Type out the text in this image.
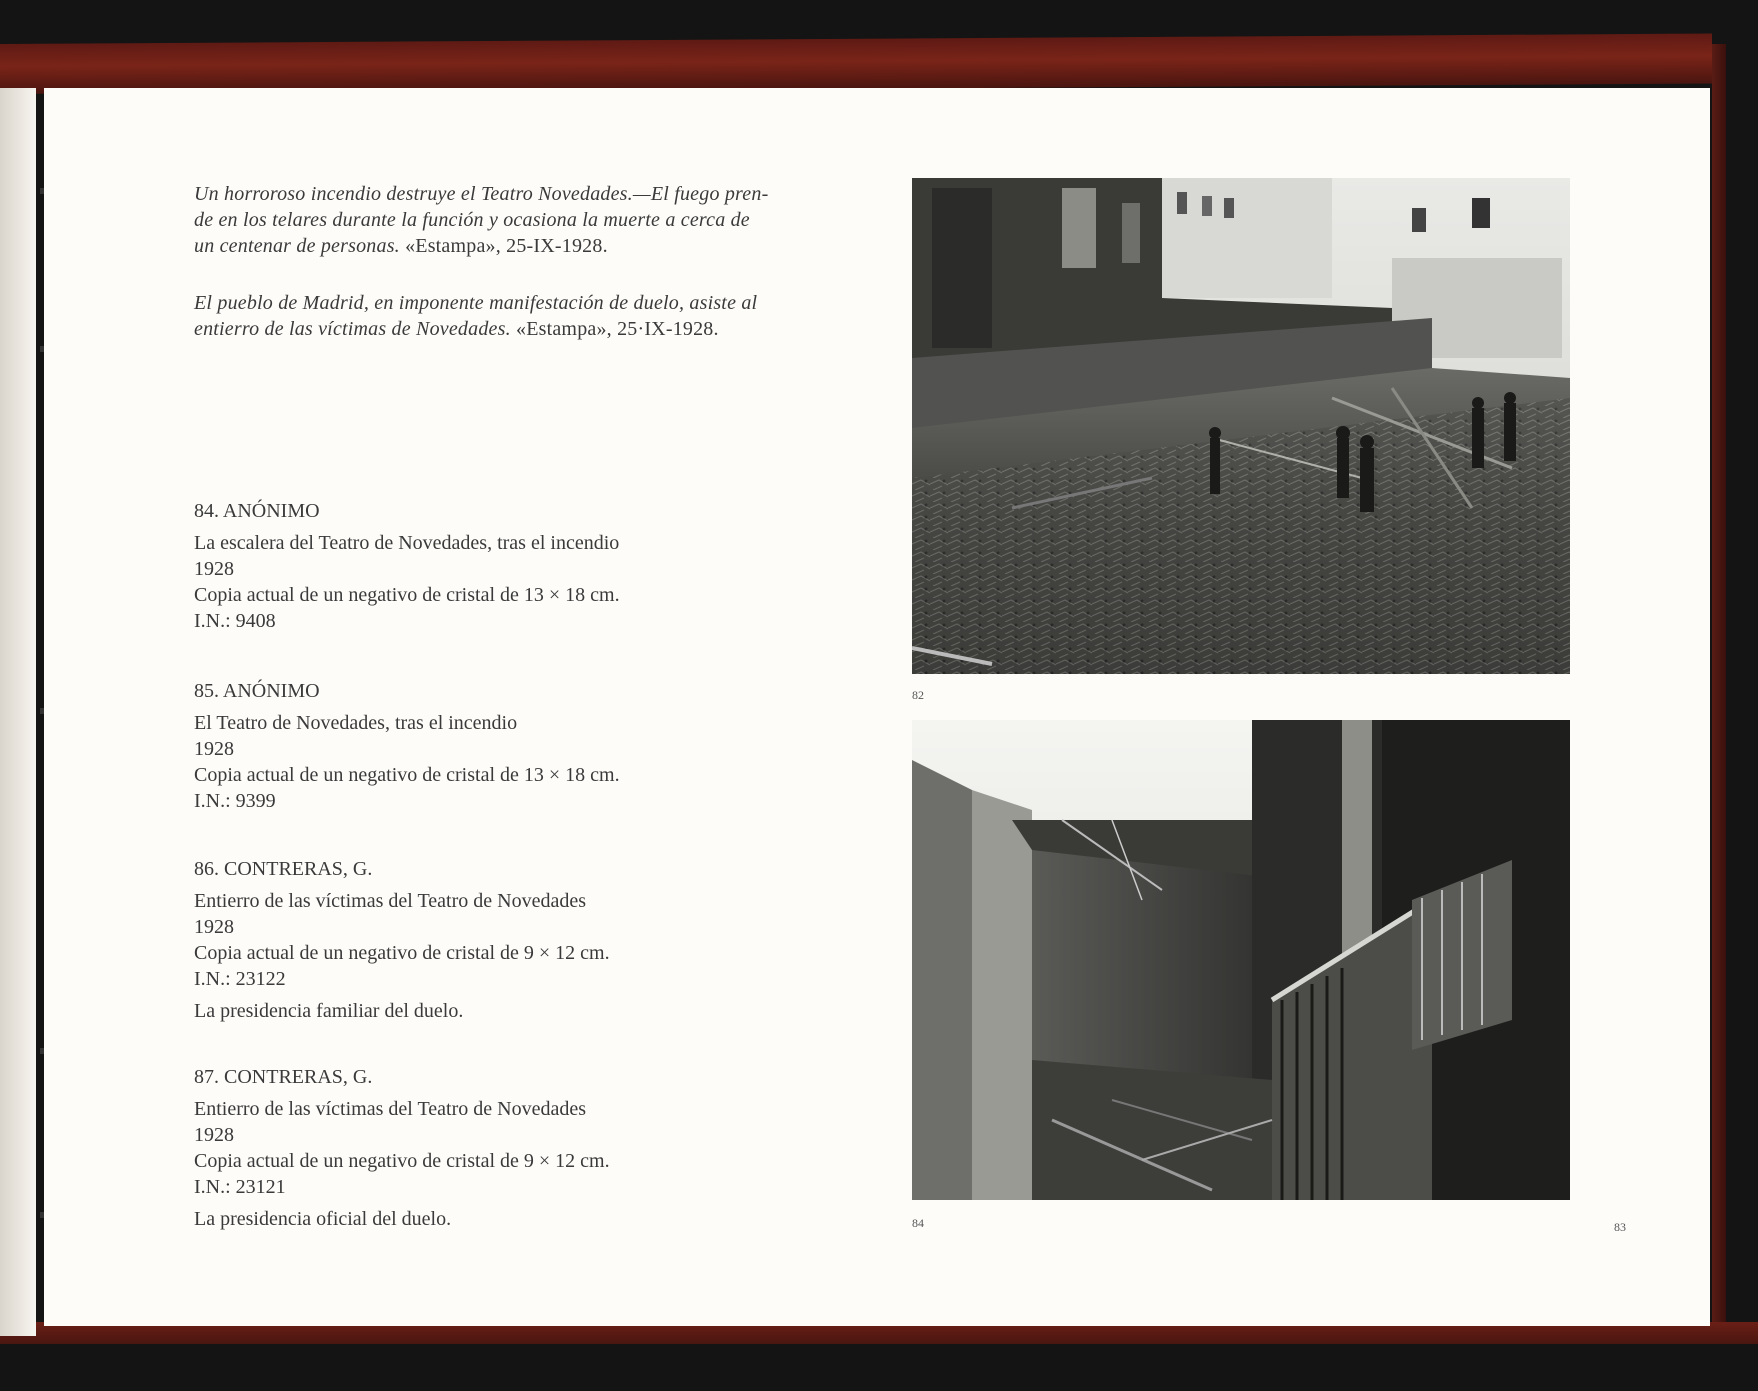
Un horroroso incendio destruye el Teatro Novedades.—El fuego pren-
de en los telares durante la función y ocasiona la muerte a cerca de
un centenar de personas. «Estampa», 25-IX-1928.
El pueblo de Madrid, en imponente manifestación de duelo, asiste al
entierro de las víctimas de Novedades. «Estampa», 25·IX-1928.
84. ANÓNIMO
La escalera del Teatro de Novedades, tras el incendio
1928
Copia actual de un negativo de cristal de 13 × 18 cm.
I.N.: 9408
85. ANÓNIMO
El Teatro de Novedades, tras el incendio
1928
Copia actual de un negativo de cristal de 13 × 18 cm.
I.N.: 9399
86. CONTRERAS, G.
Entierro de las víctimas del Teatro de Novedades
1928
Copia actual de un negativo de cristal de 9 × 12 cm.
I.N.: 23122
La presidencia familiar del duelo.
87. CONTRERAS, G.
Entierro de las víctimas del Teatro de Novedades
1928
Copia actual de un negativo de cristal de 9 × 12 cm.
I.N.: 23121
La presidencia oficial del duelo.
82
84	83
